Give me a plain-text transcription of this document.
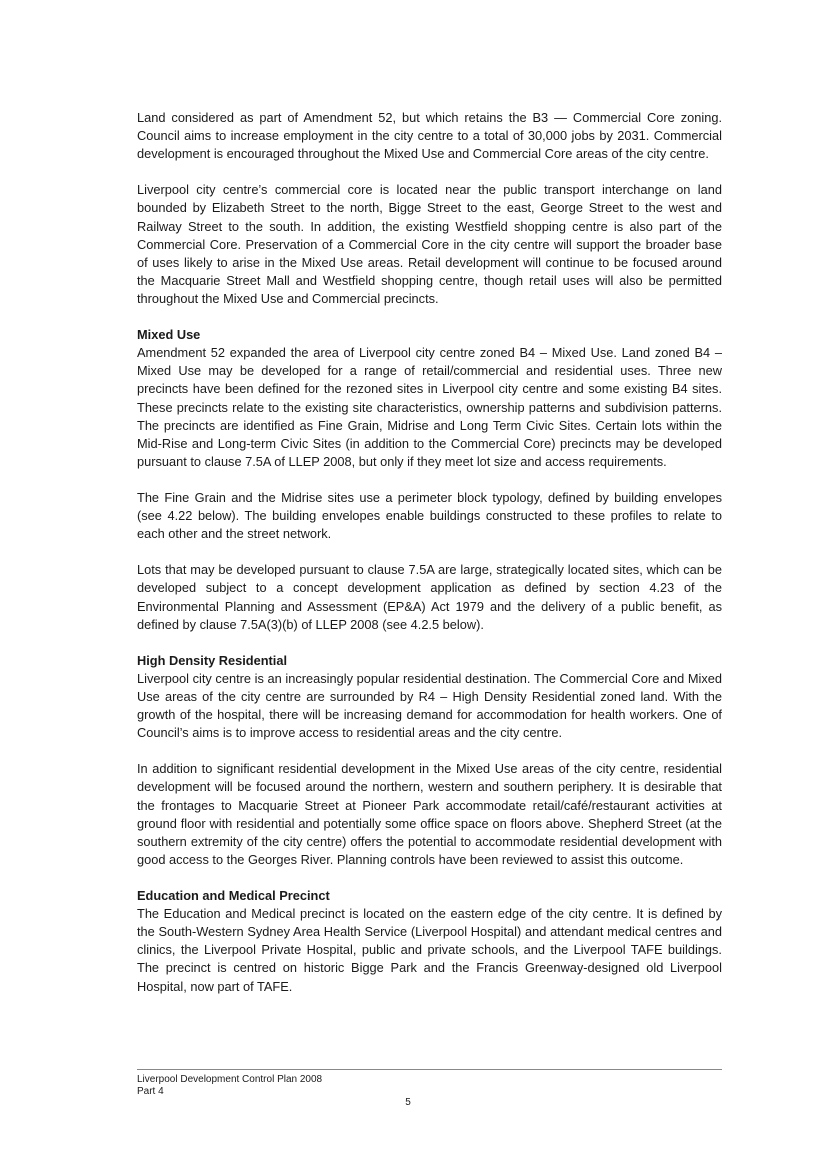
Land considered as part of Amendment 52, but which retains the B3 — Commercial Core zoning. Council aims to increase employment in the city centre to a total of 30,000 jobs by 2031. Commercial development is encouraged throughout the Mixed Use and Commercial Core areas of the city centre.

Liverpool city centre’s commercial core is located near the public transport interchange on land bounded by Elizabeth Street to the north, Bigge Street to the east, George Street to the west and Railway Street to the south. In addition, the existing Westfield shopping centre is also part of the Commercial Core. Preservation of a Commercial Core in the city centre will support the broader base of uses likely to arise in the Mixed Use areas. Retail development will continue to be focused around the Macquarie Street Mall and Westfield shopping centre, though retail uses will also be permitted throughout the Mixed Use and Commercial precincts.

Mixed Use

Amendment 52 expanded the area of Liverpool city centre zoned B4 – Mixed Use. Land zoned B4 – Mixed Use may be developed for a range of retail/commercial and residential uses. Three new precincts have been defined for the rezoned sites in Liverpool city centre and some existing B4 sites. These precincts relate to the existing site characteristics, ownership patterns and subdivision patterns. The precincts are identified as Fine Grain, Midrise and Long Term Civic Sites. Certain lots within the Mid-Rise and Long-term Civic Sites (in addition to the Commercial Core) precincts may be developed pursuant to clause 7.5A of LLEP 2008, but only if they meet lot size and access requirements.

The Fine Grain and the Midrise sites use a perimeter block typology, defined by building envelopes (see 4.22 below). The building envelopes enable buildings constructed to these profiles to relate to each other and the street network.

Lots that may be developed pursuant to clause 7.5A are large, strategically located sites, which can be developed subject to a concept development application as defined by section 4.23 of the Environmental Planning and Assessment (EP&A) Act 1979 and the delivery of a public benefit, as defined by clause 7.5A(3)(b) of LLEP 2008 (see 4.2.5 below).

High Density Residential

Liverpool city centre is an increasingly popular residential destination. The Commercial Core and Mixed Use areas of the city centre are surrounded by R4 – High Density Residential zoned land. With the growth of the hospital, there will be increasing demand for accommodation for health workers. One of Council’s aims is to improve access to residential areas and the city centre.

In addition to significant residential development in the Mixed Use areas of the city centre, residential development will be focused around the northern, western and southern periphery. It is desirable that the frontages to Macquarie Street at Pioneer Park accommodate retail/café/restaurant activities at ground floor with residential and potentially some office space on floors above. Shepherd Street (at the southern extremity of the city centre) offers the potential to accommodate residential development with good access to the Georges River. Planning controls have been reviewed to assist this outcome.

Education and Medical Precinct

The Education and Medical precinct is located on the eastern edge of the city centre. It is defined by the South-Western Sydney Area Health Service (Liverpool Hospital) and attendant medical centres and clinics, the Liverpool Private Hospital, public and private schools, and the Liverpool TAFE buildings. The precinct is centred on historic Bigge Park and the Francis Greenway-designed old Liverpool Hospital, now part of TAFE.

Liverpool Development Control Plan 2008
Part 4
5
